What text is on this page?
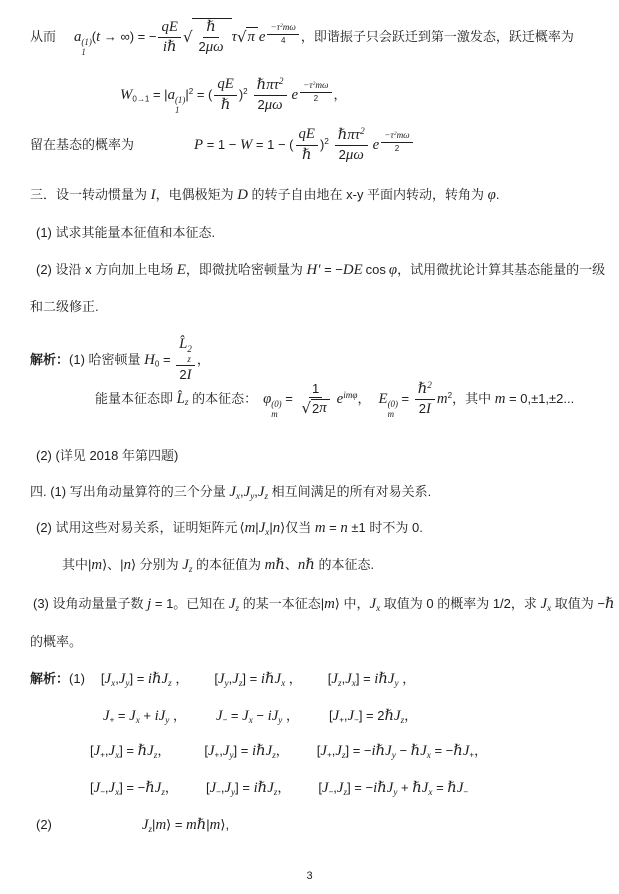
从而 a (1)
1
(t → ∞) = − $\frac{qE}{\text{iℏ}}$ √ $\frac{\text{ℏ}}{2\mu\omega}$ τ √ π e $^{\frac{-\tau^2m\omega}{4}}$ ，即谐振子只会跃迁到第一激发态，跃迁概率为
W0→1 = |a (1)
1
$|^2$ = ( $\frac{qE}{\text{ℏ}} )^2 \frac{\hbar\pi\tau^2}{2\mu\omega}$ e $^{\frac{-\tau^2m\omega}{2}}$ ，
留在基态的概率为	P = 1 − W = 1 − ( $\frac{qE}{\text{ℏ}} )^2 \frac{\hbar\pi\tau^2}{2\mu\omega}$ e $^{\frac{-\tau^2m\omega}{2}}$
三．设一转动惯量为 I，电偶极矩为 D 的转子自由地在 x-y 平面内转动，转角为 φ.
(1) 试求其能量本征值和本征态.
(2) 设沿 x 方向加上电场 E，即微扰哈密顿量为 H′ = −DE cos φ，试用微扰论计算其基态能量的一级
和二级修正.
解析：(1) 哈密顿量 H0 = L̂ 2
z
2I ，
能量本征态即 L̂z 的本征态： φ (0)
m
= $\frac{1}{√ 2 \pi} e^{im\varphi}$， E (0)
m
= $\frac{\hbar^2}{2I} m^2$，其中 m = 0,±1,±2...
(2) (详见 2018 年第四题)
四. (1) 写出角动量算符的三个分量 Jx,Jy,Jz 相互间满足的所有对易关系.
(2) 试用这些对易关系，证明矩阵元 ⟨m|Jx|n⟩仅当 m = n ±1 时不为 0.
其中|m⟩、|n⟩ 分别为 Jz 的本征值为 mℏ、nℏ 的本征态.
(3) 设角动量量子数 j = 1。已知在 Jz 的某一本征态|m⟩ 中，Jx 取值为 0 的概率为 1/2，求 Jx 取值为 −ℏ
的概率。
解析：(1) [Jx,Jy] = iℏJz ， [Jy,Jz] = iℏJx ， [Jz,Jx] = iℏJy ，
J+ = Jx + iJy ， J− = Jx − iJy ， [J+,J−] = 2ℏJz，
[J+,Jx] = ℏJz，	[J+,Jy] = iℏJz， [J+,Jz] = −iℏJy − ℏJx = −ℏJ+，
[J−,Jx] = −ℏJz， [J−,Jy] = iℏJz， [J−,Jz] = −iℏJy + ℏJx = ℏJ−
(2)	Jz|m⟩ = mℏ|m⟩,
3
